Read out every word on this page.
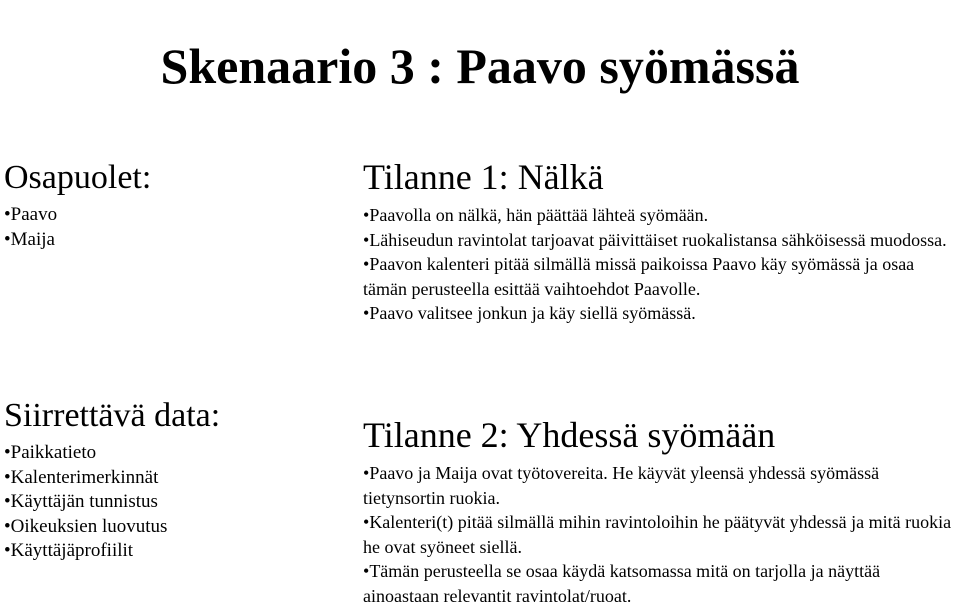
Skenaario 3 : Paavo syömässä
Osapuolet:
•Paavo
•Maija
Siirrettävä data:
•Paikkatieto
•Kalenterimerkinnät
•Käyttäjän tunnistus
•Oikeuksien luovutus
•Käyttäjäprofiilit
Tilanne 1: Nälkä
•Paavolla on nälkä, hän päättää lähteä syömään.
•Lähiseudun ravintolat tarjoavat päivittäiset ruokalistansa sähköisessä muodossa.
•Paavon kalenteri pitää silmällä missä paikoissa Paavo käy syömässä ja osaa tämän perusteella esittää vaihtoehdot Paavolle.
•Paavo valitsee jonkun ja käy siellä syömässä.
Tilanne 2: Yhdessä syömään
•Paavo ja Maija ovat työtovereita. He käyvät yleensä yhdessä syömässä tietynsortin ruokia.
•Kalenteri(t) pitää silmällä mihin ravintoloihin he päätyvät yhdessä ja mitä ruokia he ovat syöneet siellä.
•Tämän perusteella se osaa käydä katsomassa mitä on tarjolla ja näyttää ainoastaan relevantit ravintolat/ruoat.
